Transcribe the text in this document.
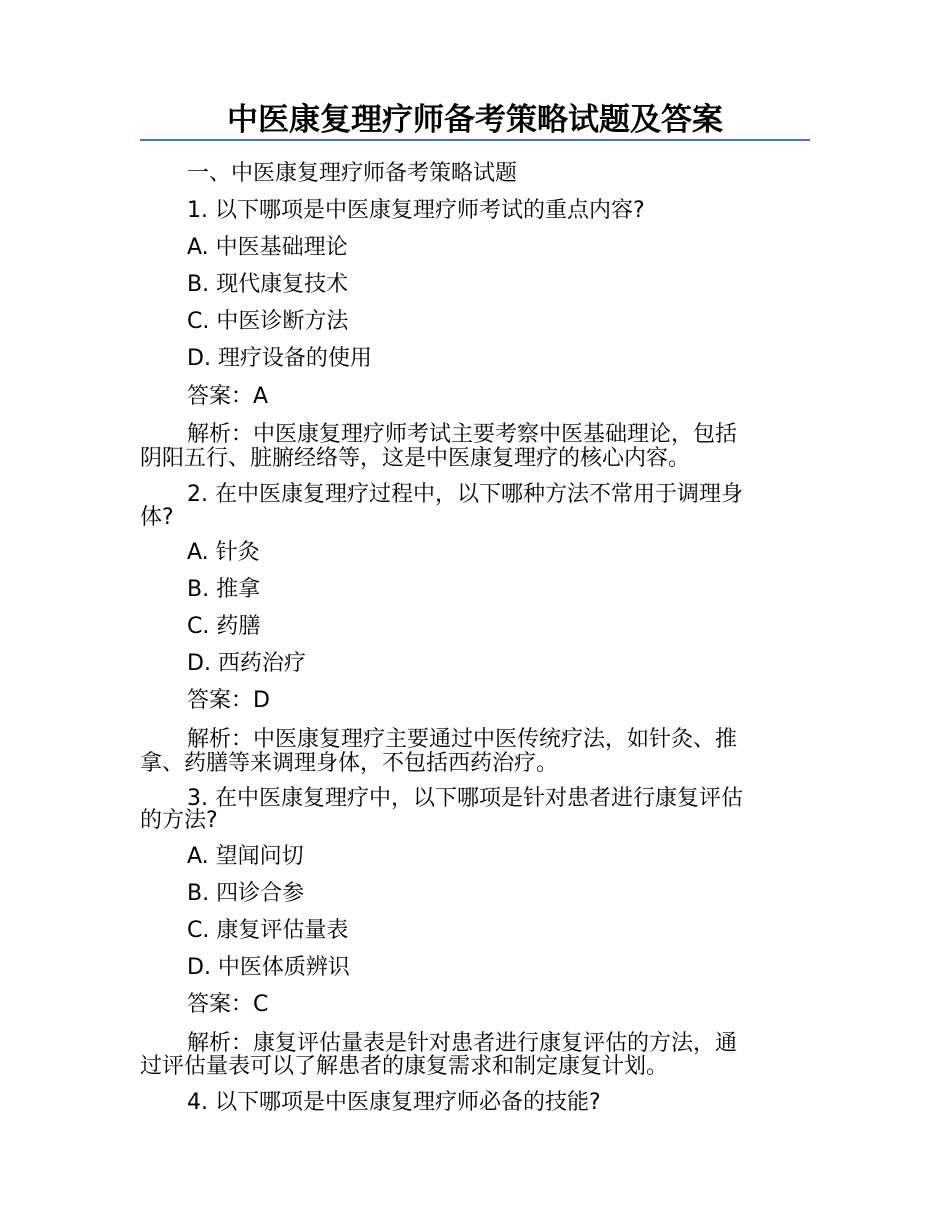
中医康复理疗师备考策略试题及答案
一、中医康复理疗师备考策略试题
1. 以下哪项是中医康复理疗师考试的重点内容?
A. 中医基础理论
B. 现代康复技术
C. 中医诊断方法
D. 理疗设备的使用
答案：A
解析：中医康复理疗师考试主要考察中医基础理论，包括
阴阳五行、脏腑经络等，这是中医康复理疗的核心内容。
2. 在中医康复理疗过程中，以下哪种方法不常用于调理身
体?
A. 针灸
B. 推拿
C. 药膳
D. 西药治疗
答案：D
解析：中医康复理疗主要通过中医传统疗法，如针灸、推
拿、药膳等来调理身体，不包括西药治疗。
3. 在中医康复理疗中，以下哪项是针对患者进行康复评估
的方法?
A. 望闻问切
B. 四诊合参
C. 康复评估量表
D. 中医体质辨识
答案：C
解析：康复评估量表是针对患者进行康复评估的方法，通
过评估量表可以了解患者的康复需求和制定康复计划。
4. 以下哪项是中医康复理疗师必备的技能?
